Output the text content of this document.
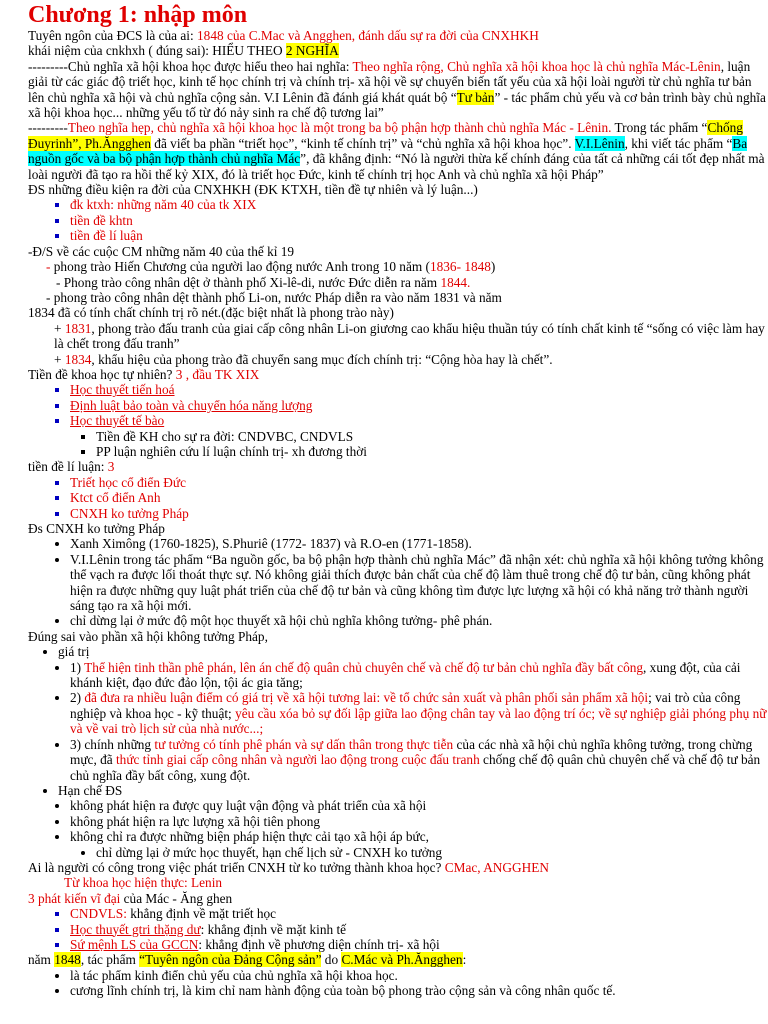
Chương 1: nhập môn

Tuyên ngôn của ĐCS là của ai: 1848 của C.Mac và Angghen, đánh dấu sự ra đời của CNXHKH

khái niệm của cnkhxh ( đúng sai): HIỂU THEO 2 NGHĨA

---------Chủ nghĩa xã hội khoa học được hiểu theo hai nghĩa: Theo nghĩa rộng, Chủ nghĩa xã hội khoa học là chủ nghĩa Mác-Lênin, luận giải từ các giác độ triết học, kinh tế học chính trị và chính trị- xã hội về sự chuyển biến tất yếu của xã hội loài người từ chủ nghĩa tư bản lên chủ nghĩa xã hội và chủ nghĩa cộng sản. V.I Lênin đã đánh giá khát quát bộ “Tư bản” - tác phẩm chủ yếu và cơ bản trình bày chủ nghĩa xã hội khoa học... những yếu tố từ đó nảy sinh ra chế độ tương lai”

---------Theo nghĩa hẹp, chủ nghĩa xã hội khoa học là một trong ba bộ phận hợp thành chủ nghĩa Mác - Lênin. Trong tác phẩm “Chống Đuyrinh”, Ph.Ăngghen đã viết ba phần “triết học”, “kinh tế chính trị” và “chủ nghĩa xã hội khoa học”. V.I.Lênin, khi viết tác phẩm “Ba nguồn gốc và ba bộ phận hợp thành chủ nghĩa Mác”, đã khẳng định: “Nó là người thừa kế chính đáng của tất cả những cái tốt đẹp nhất mà loài người đã tạo ra hồi thế kỷ XIX, đó là triết học Đức, kinh tế chính trị học Anh và chủ nghĩa xã hội Pháp”

ĐS những điều kiện ra đời của CNXHKH (ĐK KTXH, tiền đề tự nhiên và lý luận...)

▪ đk ktxh: những năm 40 của tk XIX
▪ tiền đề khtn
▪ tiền đề lí luận

-Đ/S về các cuộc CM những năm 40 của thế kỉ 19

- phong trào Hiến Chương của người lao động nước Anh trong 10 năm (1836- 1848)

- Phong trào công nhân dệt ở thành phố Xi-lê-di, nước Đức diễn ra năm 1844.

- phong trào công nhân dệt thành phố Li-on, nước Pháp diễn ra vào năm 1831 và năm

1834 đã có tính chất chính trị rõ nét.(đặc biệt nhất là phong trào này)

+ 1831, phong trào đấu tranh của giai cấp công nhân Li-on giương cao khẩu hiệu thuần túy có tính chất kinh tế “sống có việc làm hay là chết trong đấu tranh”

+ 1834, khẩu hiệu của phong trào đã chuyển sang mục đích chính trị: “Cộng hòa hay là chết”.

Tiền đề khoa học tự nhiên? 3 , đầu TK XIX

▪ Học thuyết tiến hoá
▪ Định luật bảo toàn và chuyển hóa năng lượng
▪ Học thuyết tế bào
▪ Tiền đề KH cho sự ra đời: CNDVBC, CNDVLS
▪ PP luận nghiên cứu lí luận chính trị- xh đương thời

tiền đề lí luận: 3

▪ Triết học cổ điển Đức
▪ Ktct cổ điển Anh
▪ CNXH ko tưởng Pháp

Đs CNXH ko tưởng Pháp

• Xanh Ximông (1760-1825), S.Phuriê (1772- 1837) và R.O-en (1771-1858).
• V.I.Lênin trong tác phẩm “Ba nguồn gốc, ba bộ phận hợp thành chủ nghĩa Mác” đã nhận xét: chủ nghĩa xã hội không tưởng không thể vạch ra được lối thoát thực sự. Nó không giải thích được bản chất của chế độ làm thuê trong chế độ tư bản, cũng không phát hiện ra được những quy luật phát triển của chế độ tư bản và cũng không tìm được lực lượng xã hội có khả năng trở thành người sáng tạo ra xã hội mới.
• chỉ dừng lại ở mức độ một học thuyết xã hội chủ nghĩa không tưởng- phê phán.

Đúng sai vào phần xã hội không tưởng Pháp,

• giá trị
• 1) Thể hiện tinh thần phê phán, lên án chế độ quân chủ chuyên chế và chế độ tư bản chủ nghĩa đầy bất công, xung đột, của cải khánh kiệt, đạo đức đảo lộn, tội ác gia tăng;
• 2) đã đưa ra nhiều luận điểm có giá trị về xã hội tương lai: về tổ chức sản xuất và phân phối sản phẩm xã hội; vai trò của công nghiệp và khoa học - kỹ thuật; yêu cầu xóa bỏ sự đối lập giữa lao động chân tay và lao động trí óc; về sự nghiệp giải phóng phụ nữ và về vai trò lịch sử của nhà nước...;
• 3) chính những tư tưởng có tính phê phán và sự dấn thân trong thực tiễn của các nhà xã hội chủ nghĩa không tưởng, trong chừng mực, đã thức tỉnh giai cấp công nhân và người lao động trong cuộc đấu tranh chống chế độ quân chủ chuyên chế và chế độ tư bản chủ nghĩa đầy bất công, xung đột.
• Hạn chế ĐS
• không phát hiện ra được quy luật vận động và phát triển của xã hội
• không phát hiện ra lực lượng xã hội tiên phong
• không chỉ ra được những biện pháp hiện thực cải tạo xã hội áp bức,
• chỉ dừng lại ở mức học thuyết, hạn chế lịch sử - CNXH ko tưởng

Ai là người có công trong việc phát triển CNXH từ ko tưởng thành khoa học? CMac, ANGGHEN

Từ khoa học hiện thực: Lenin

3 phát kiến vĩ đại của Mác - Ăng ghen

▪ CNDVLS: khẳng định về mặt triết học
▪ Học thuyết gtri thặng dư: khẳng định về mặt kinh tế
▪ Sứ mệnh LS của GCCN: khẳng định về phương diện chính trị- xã hội

năm 1848, tác phẩm “Tuyên ngôn của Đảng Cộng sản” do C.Mác và Ph.Ăngghen:

• là tác phẩm kinh điển chủ yếu của chủ nghĩa xã hội khoa học.
• cương lĩnh chính trị, là kim chỉ nam hành động của toàn bộ phong trào cộng sản và công nhân quốc tế.
